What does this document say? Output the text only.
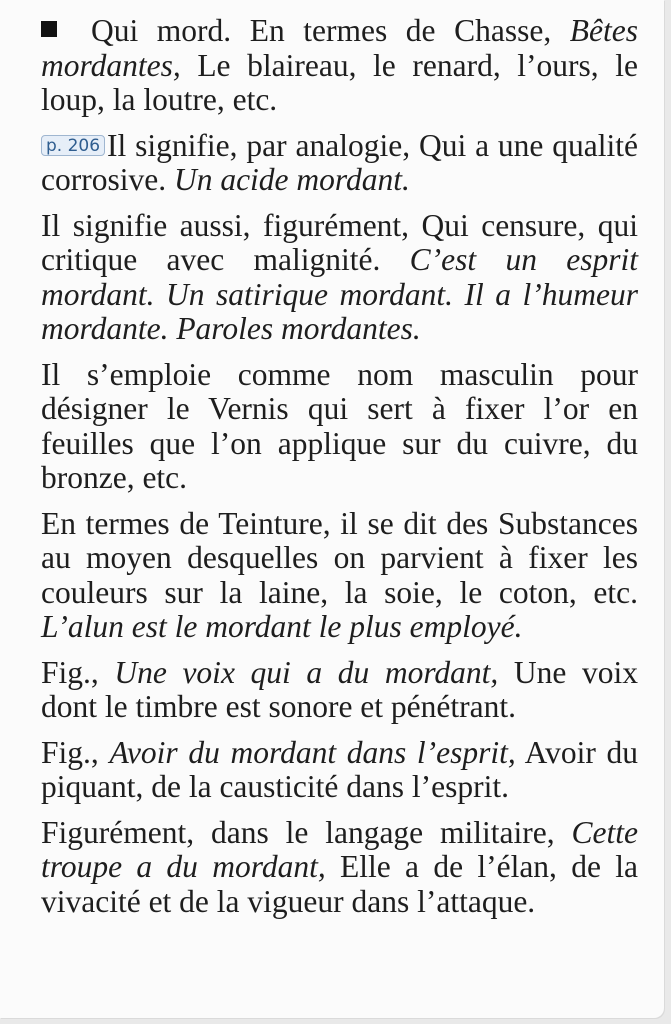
Qui mord. En termes de Chasse, Bêtes mordantes, Le blaireau, le renard, l’ours, le loup, la loutre, etc.

p. 206 Il signifie, par analogie, Qui a une qualité corrosive. Un acide mordant.

Il signifie aussi, figurément, Qui censure, qui critique avec malignité. C’est un esprit mordant. Un satirique mordant. Il a l’humeur mordante. Paroles mordantes.

Il s’emploie comme nom masculin pour désigner le Vernis qui sert à fixer l’or en feuilles que l’on applique sur du cuivre, du bronze, etc.

En termes de Teinture, il se dit des Substances au moyen desquelles on parvient à fixer les couleurs sur la laine, la soie, le coton, etc. L’alun est le mordant le plus employé.

Fig., Une voix qui a du mordant, Une voix dont le timbre est sonore et pénétrant.

Fig., Avoir du mordant dans l’esprit, Avoir du piquant, de la causticité dans l’esprit.

Figurément, dans le langage militaire, Cette troupe a du mordant, Elle a de l’élan, de la vivacité et de la vigueur dans l’attaque.
